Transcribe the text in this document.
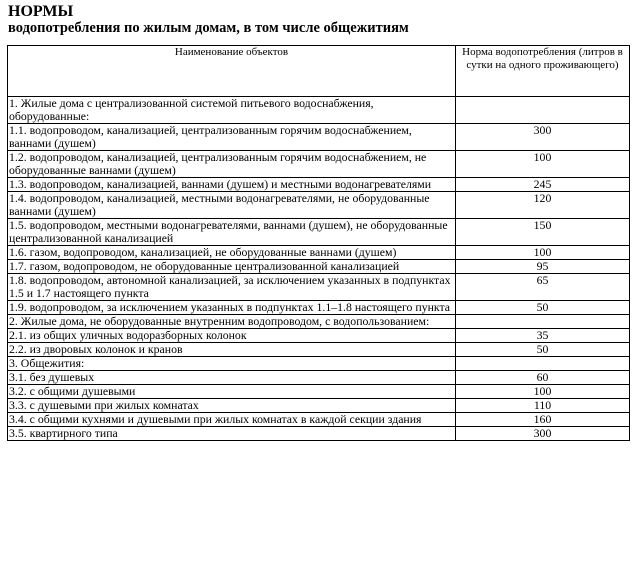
НОРМЫ
водопотребления по жилым домам, в том числе общежитиям
Наименование объектов	Норма водопотребления (литров в сутки на одного проживающего)
1. Жилые дома с централизованной системой питьевого водоснабжения, оборудованные:	
1.1. водопроводом, канализацией, централизованным горячим водоснабжением, ваннами (душем)	300
1.2. водопроводом, канализацией, централизованным горячим водоснабжением, не оборудованные ваннами (душем)	100
1.3. водопроводом, канализацией, ваннами (душем) и местными водонагревателями	245
1.4. водопроводом, канализацией, местными водонагревателями, не оборудованные ваннами (душем)	120
1.5. водопроводом, местными водонагревателями, ваннами (душем), не оборудованные централизованной канализацией	150
1.6. газом, водопроводом, канализацией, не оборудованные ваннами (душем)	100
1.7. газом, водопроводом, не оборудованные централизованной канализацией	95
1.8. водопроводом, автономной канализацией, за исключением указанных в подпунктах 1.5 и 1.7 настоящего пункта	65
1.9. водопроводом, за исключением указанных в подпунктах 1.1–1.8 настоящего пункта	50
2. Жилые дома, не оборудованные внутренним водопроводом, с водопользованием:	
2.1. из общих уличных водоразборных колонок	35
2.2. из дворовых колонок и кранов	50
3. Общежития:	
3.1. без душевых	60
3.2. с общими душевыми	100
3.3. с душевыми при жилых комнатах	110
3.4. с общими кухнями и душевыми при жилых комнатах в каждой секции здания	160
3.5. квартирного типа	300
